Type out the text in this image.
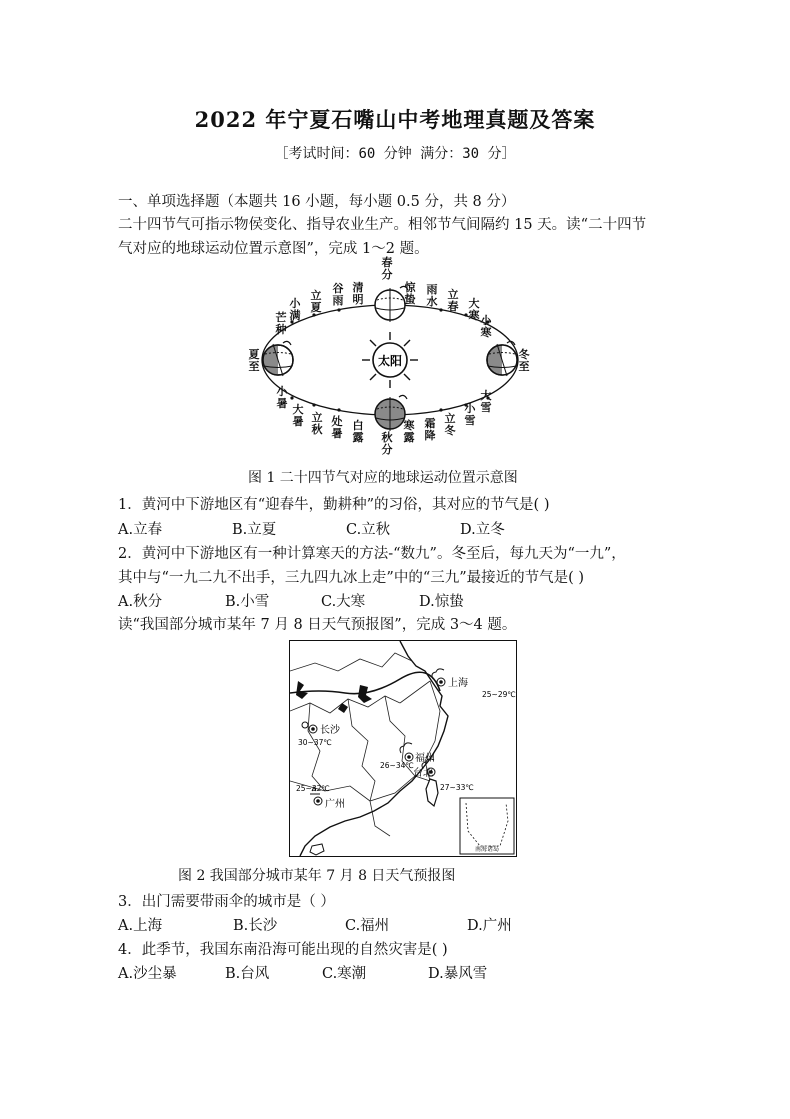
2022 年宁夏石嘴山中考地理真题及答案
［考试时间：60 分钟 满分：30 分］
一、单项选择题（本题共 16 小题，每小题 0.5 分，共 8 分）
二十四节气可指示物侯变化、指导农业生产。相邻节气间隔约 15 天。读“二十四节
气对应的地球运动位置示意图”，完成 1～2 题。
太阳
春分
惊蛰
雨水
立春 大寒 小寒
冬至
大雪
小雪
立冬
霜降
寒露
秋分
白露
处暑
立秋
大暑
小暑
夏至
芒种
小满
立夏
谷雨
清明
图 1 二十四节气对应的地球运动位置示意图
1．黄河中下游地区有“迎春牛，勤耕种”的习俗，其对应的节气是( )
A.立春	B.立夏	C.立秋	D.立冬
2．黄河中下游地区有一种计算寒天的方法-“数九”。冬至后，每九天为“一九”，
其中与“一九二九不出手，三九四九冰上走”中的“三九”最接近的节气是( )
A.秋分	B.小雪	C.大寒	D.惊蛰
读“我国部分城市某年 7 月 8 日天气预报图”，完成 3～4 题。
南海诸岛
上海
25~29℃
长沙
30~37℃
福州
26~34℃
台北
27~33℃
广州
25~32℃
图 2 我国部分城市某年 7 月 8 日天气预报图
3．出门需要带雨伞的城市是（ ）
A.上海	B.长沙	C.福州	D.广州
4．此季节，我国东南沿海可能出现的自然灾害是( )
A.沙尘暴	B.台风	C.寒潮	D.暴风雪
